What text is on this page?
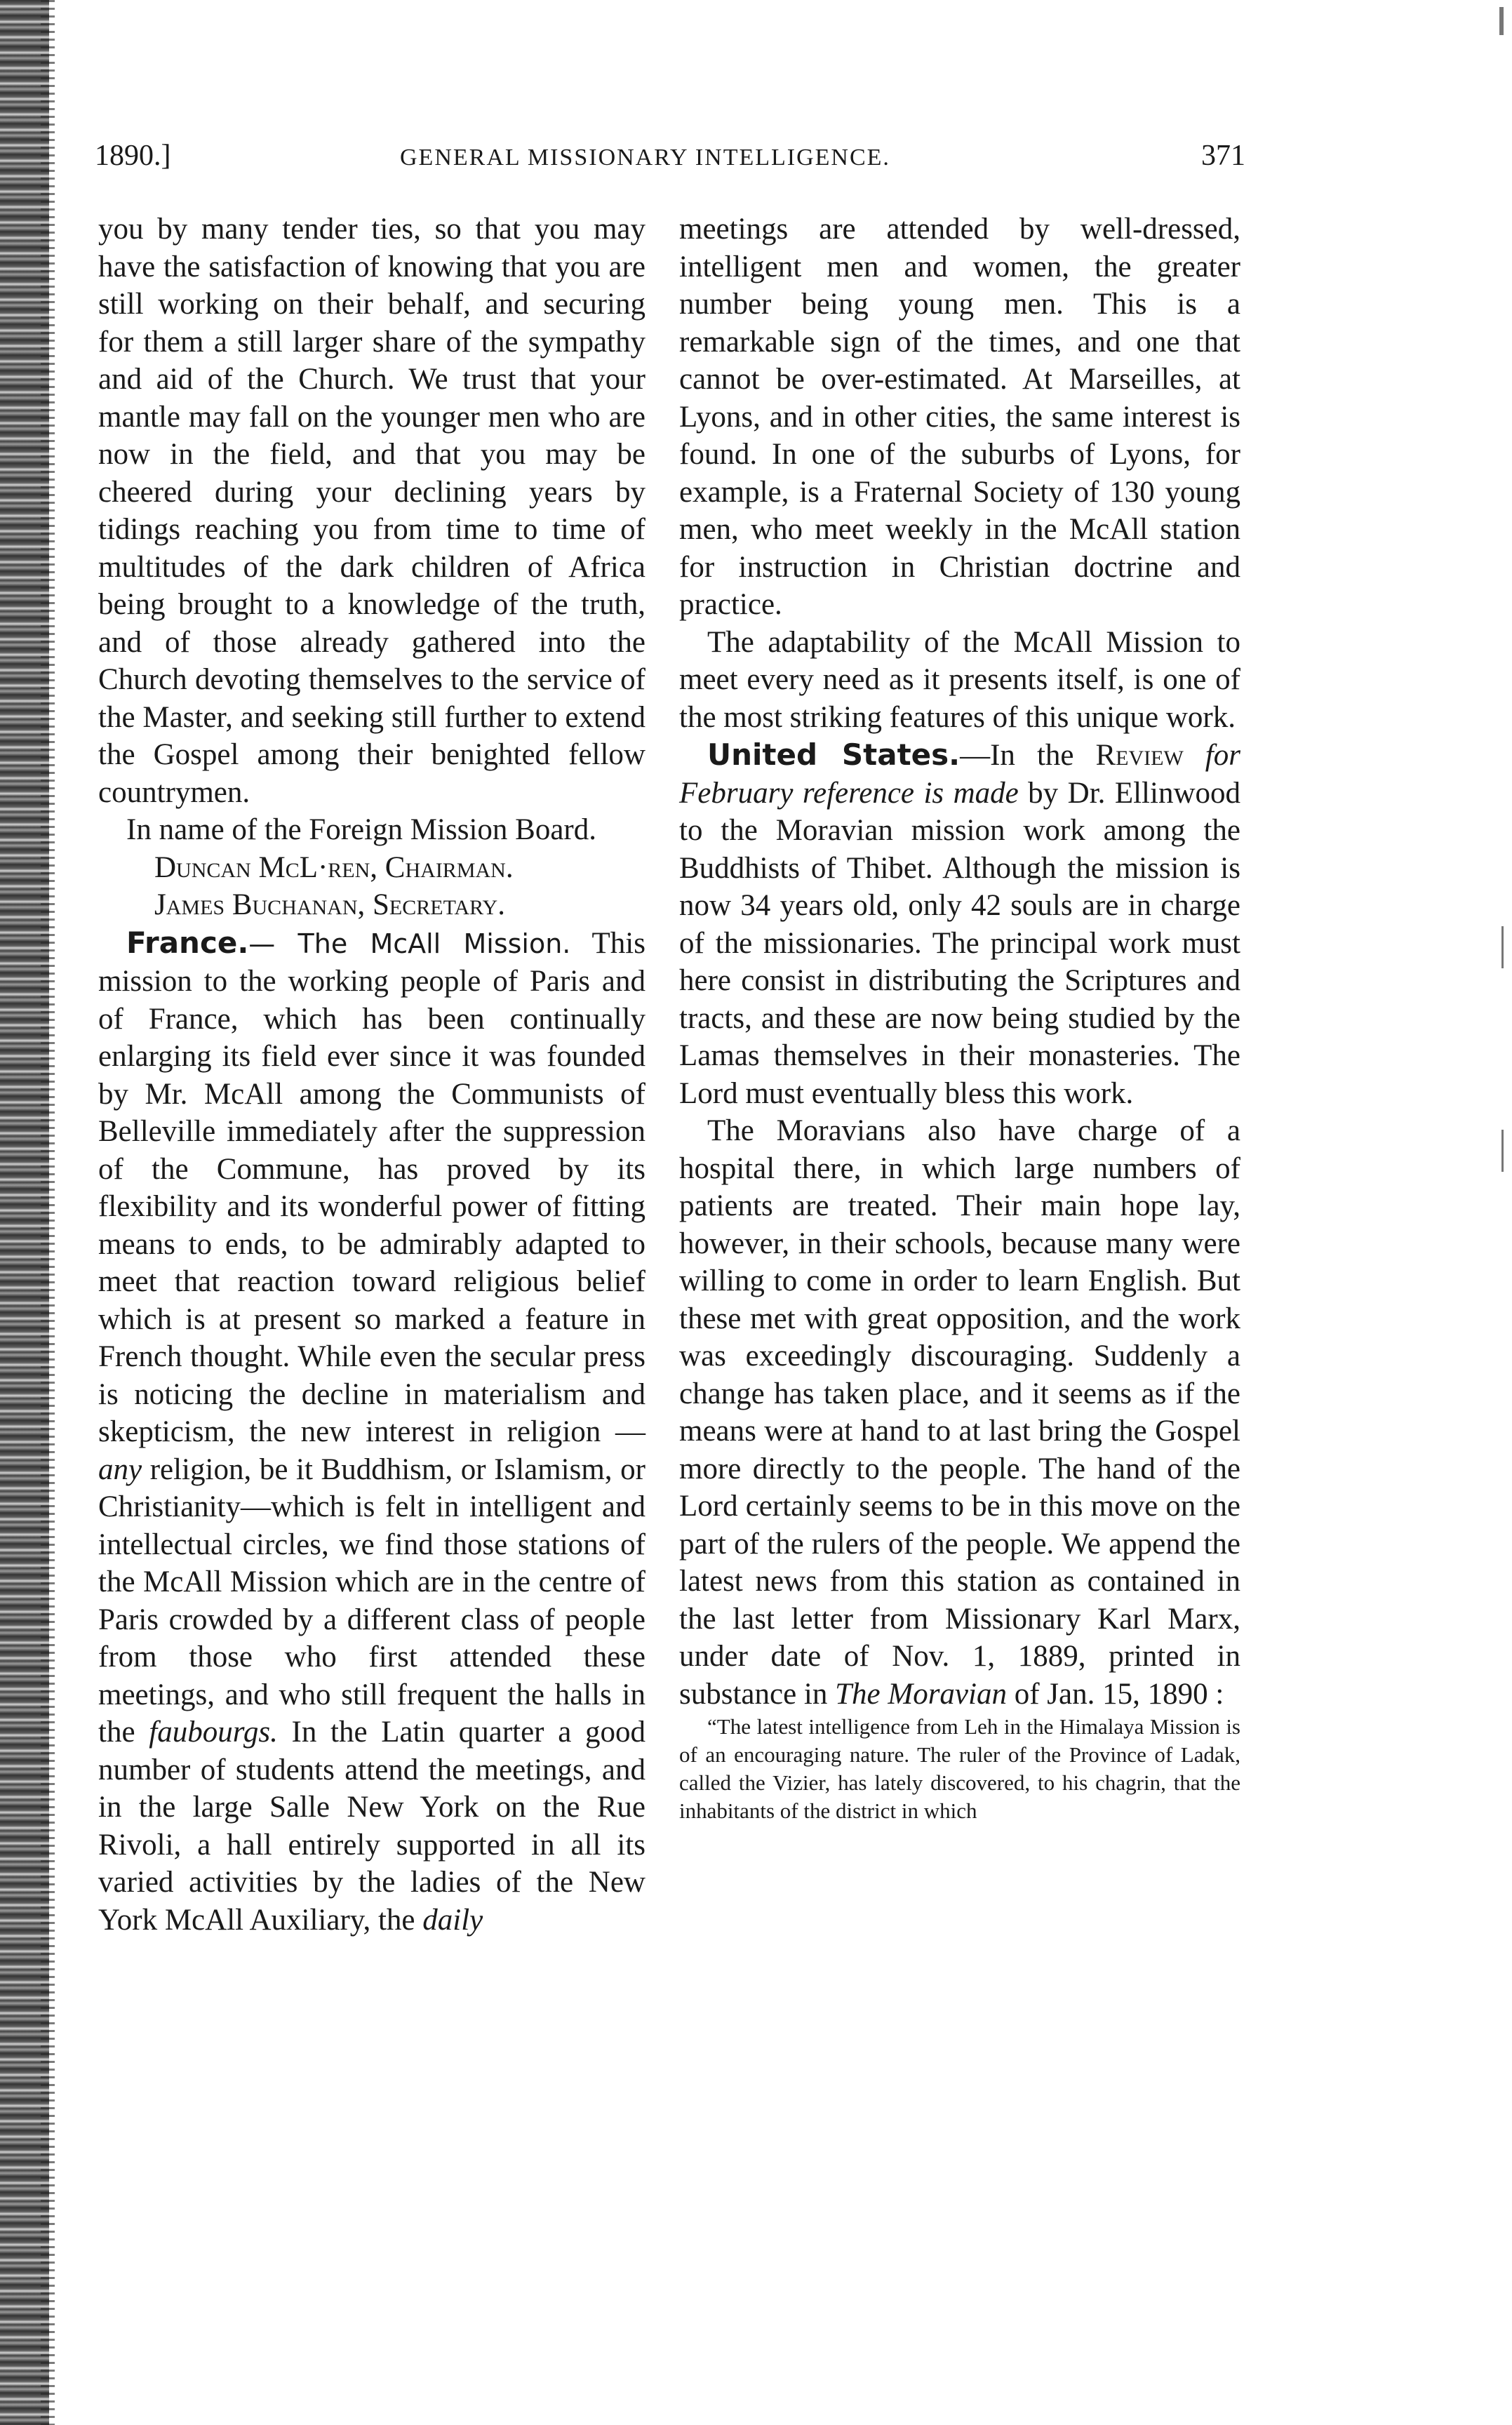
1890.]	GENERAL MISSIONARY INTELLIGENCE.	371

you by many tender ties, so that you may have the satisfaction of knowing that you are still working on their behalf, and securing for them a still larger share of the sympathy and aid of the Church. We trust that your mantle may fall on the younger men who are now in the field, and that you may be cheered during your declining years by tidings reaching you from time to time of multitudes of the dark children of Africa being brought to a knowledge of the truth, and of those already gathered into the Church devoting themselves to the service of the Master, and seeking still further to extend the Gospel among their benighted fellow countrymen.

In name of the Foreign Mission Board.

Duncan McL·ren, Chairman.

James Buchanan, Secretary.

France.— The McAll Mission. This mission to the working people of Paris and of France, which has been continually enlarging its field ever since it was founded by Mr. McAll among the Communists of Belleville immediately after the suppression of the Commune, has proved by its flexibility and its wonderful power of fitting means to ends, to be admirably adapted to meet that reaction toward religious belief which is at present so marked a feature in French thought. While even the secular press is noticing the decline in materialism and skepticism, the new interest in religion —any religion, be it Buddhism, or Islamism, or Christianity—which is felt in intelligent and intellectual circles, we find those stations of the McAll Mission which are in the centre of Paris crowded by a different class of people from those who first attended these meetings, and who still frequent the halls in the faubourgs. In the Latin quarter a good number of students attend the meetings, and in the large Salle New York on the Rue Rivoli, a hall entirely supported in all its varied activities by the ladies of the New York McAll Auxiliary, the daily

meetings are attended by well-dressed, intelligent men and women, the greater number being young men. This is a remarkable sign of the times, and one that cannot be over-estimated. At Marseilles, at Lyons, and in other cities, the same interest is found. In one of the suburbs of Lyons, for example, is a Fraternal Society of 130 young men, who meet weekly in the McAll station for instruction in Christian doctrine and practice.

The adaptability of the McAll Mission to meet every need as it presents itself, is one of the most striking features of this unique work.

United States.—In the Review for February reference is made by Dr. Ellinwood to the Moravian mission work among the Buddhists of Thibet. Although the mission is now 34 years old, only 42 souls are in charge of the missionaries. The principal work must here consist in distributing the Scriptures and tracts, and these are now being studied by the Lamas themselves in their monasteries. The Lord must eventually bless this work.

The Moravians also have charge of a hospital there, in which large numbers of patients are treated. Their main hope lay, however, in their schools, because many were willing to come in order to learn English. But these met with great opposition, and the work was exceedingly discouraging. Suddenly a change has taken place, and it seems as if the means were at hand to at last bring the Gospel more directly to the people. The hand of the Lord certainly seems to be in this move on the part of the rulers of the people. We append the latest news from this station as contained in the last letter from Missionary Karl Marx, under date of Nov. 1, 1889, printed in substance in The Moravian of Jan. 15, 1890 :

“The latest intelligence from Leh in the Himalaya Mission is of an encouraging nature. The ruler of the Province of Ladak, called the Vizier, has lately discovered, to his chagrin, that the inhabitants of the district in which
